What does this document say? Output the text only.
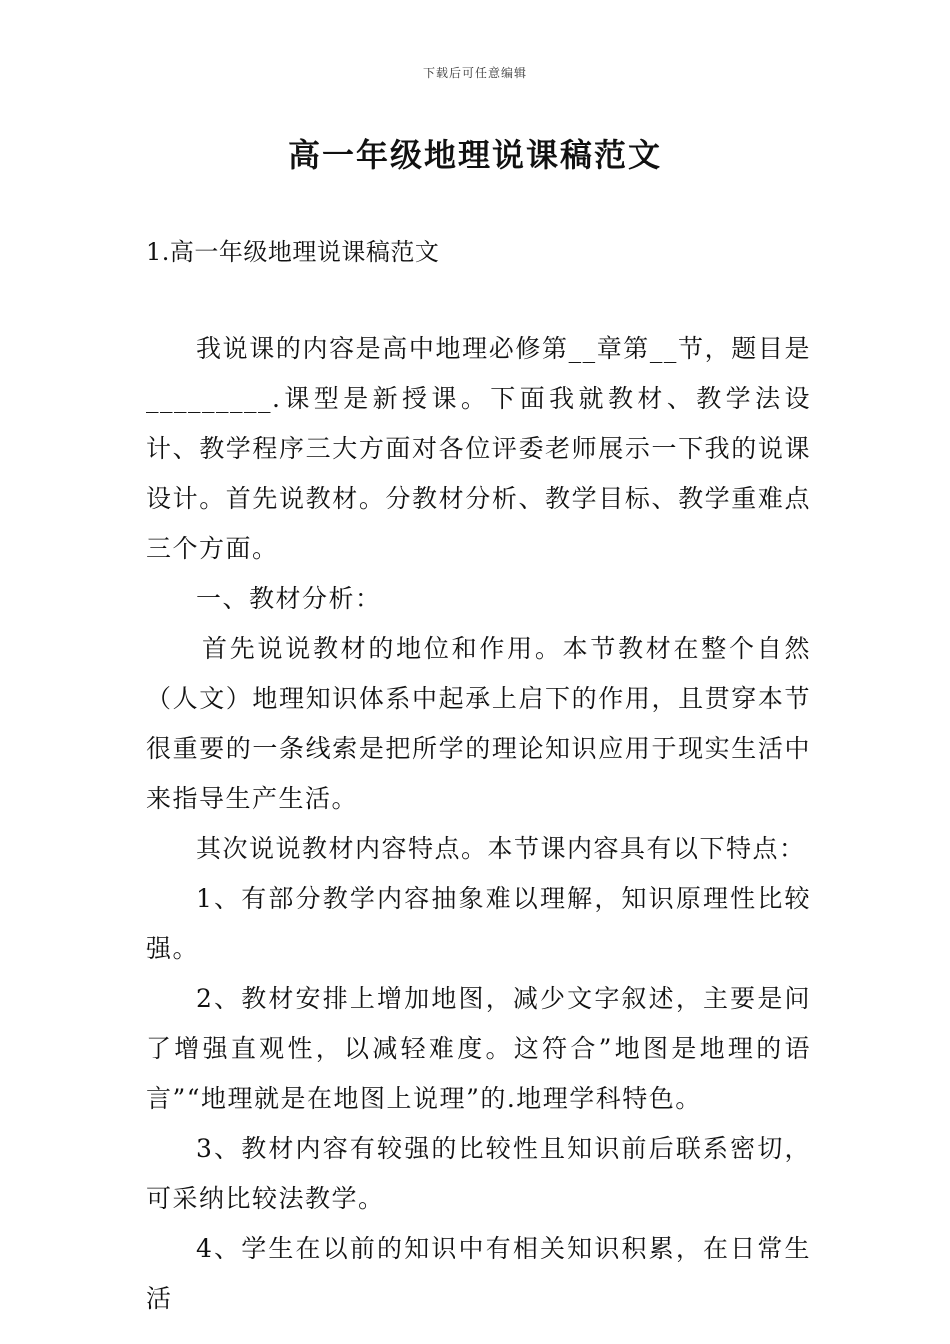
下载后可任意编辑
高一年级地理说课稿范文
1.高一年级地理说课稿范文

我说课的内容是高中地理必修第__章第__节，题目是_________.课型是新授课。下面我就教材、教学法设计、教学程序三大方面对各位评委老师展示一下我的说课设计。首先说教材。分教材分析、教学目标、教学重难点三个方面。

一、教材分析：

首先说说教材的地位和作用。本节教材在整个自然（人文）地理知识体系中起承上启下的作用，且贯穿本节很重要的一条线索是把所学的理论知识应用于现实生活中来指导生产生活。

其次说说教材内容特点。本节课内容具有以下特点：

1、有部分教学内容抽象难以理解，知识原理性比较强。

2、教材安排上增加地图，减少文字叙述，主要是问了增强直观性，以减轻难度。这符合”地图是地理的语言”“地理就是在地图上说理”的.地理学科特色。

3、教材内容有较强的比较性且知识前后联系密切，可采纳比较法教学。

4、学生在以前的知识中有相关知识积累，在日常生活
